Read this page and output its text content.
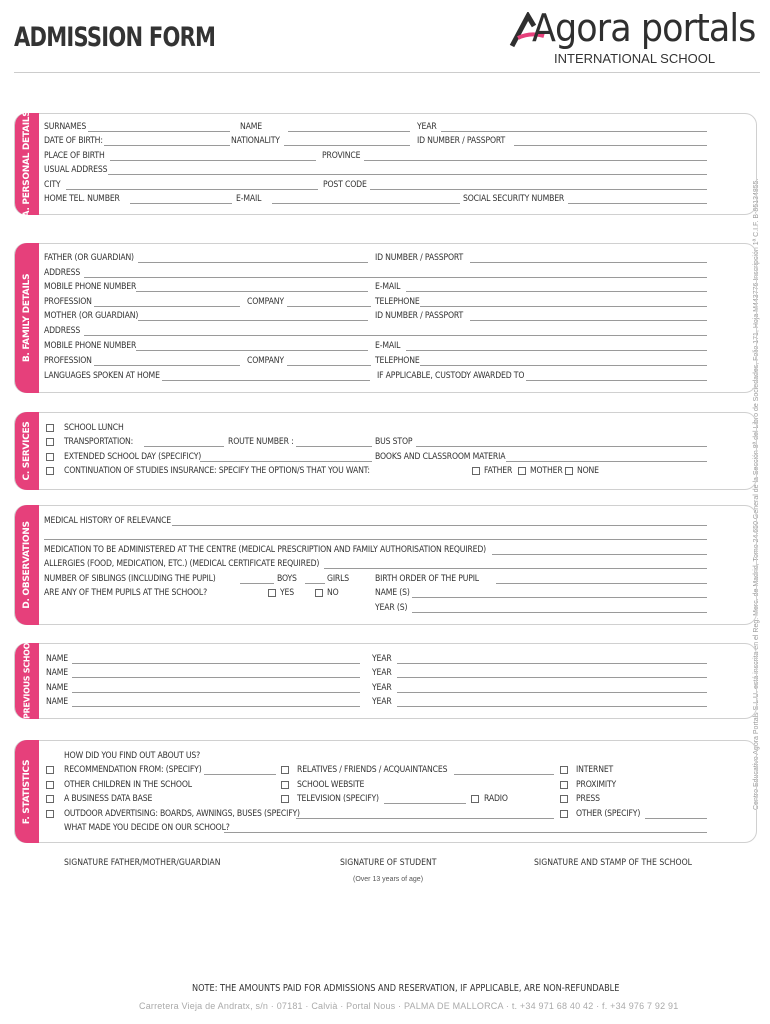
ADMISSION FORM	Agora portals
INTERNATIONAL SCHOOL
Centro Educativo Agora Portals S.L.U. está inscrita en el Reg. Merc. de Madrid, Tomo 24.650 General de la Sección 8ª del Libro de Sociedades, Folio 171, Hoja M443776 Inscripción 1ª C.I.F. B-85134855.
A. PERSONAL DETAILS SURNAMES	NAME	YEAR
DATE OF BIRTH:	NATIONALITY	ID NUMBER / PASSPORT
PLACE OF BIRTH	PROVINCE
USUAL ADDRESS
CITY	POST CODE
HOME TEL. NUMBER	E-MAIL	SOCIAL SECURITY NUMBER
B. FAMILY DETAILS
FATHER (OR GUARDIAN)	ID NUMBER / PASSPORT
ADDRESS
MOBILE PHONE NUMBER	E-MAIL
PROFESSION	COMPANY	TELEPHONE
MOTHER (OR GUARDIAN)	ID NUMBER / PASSPORT
ADDRESS
MOBILE PHONE NUMBER	E-MAIL
PROFESSION	COMPANY	TELEPHONE
LANGUAGES SPOKEN AT HOME	IF APPLICABLE, CUSTODY AWARDED TO
C. SERVICES	SCHOOL LUNCH
TRANSPORTATION:	ROUTE NUMBER :	BUS STOP
EXTENDED SCHOOL DAY (SPECIFICY)	BOOKS AND CLASSROOM MATERIA
CONTINUATION OF STUDIES INSURANCE: SPECIFY THE OPTION/S THAT YOU WANT:	FATHER MOTHER NONE
D. OBSERVATIONS
MEDICAL HISTORY OF RELEVANCE
MEDICATION TO BE ADMINISTERED AT THE CENTRE (MEDICAL PRESCRIPTION AND FAMILY AUTHORISATION REQUIRED)
ALLERGIES (FOOD, MEDICATION, ETC.) (MEDICAL CERTIFICATE REQUIRED)
NUMBER OF SIBLINGS (INCLUDING THE PUPIL)	BOYS	GIRLS	BIRTH ORDER OF THE PUPIL
ARE ANY OF THEM PUPILS AT THE SCHOOL?	YES	NO	NAME (S)
YEAR (S)
E. PREVIOUS SCHOOLS NAME	YEAR
NAME	YEAR
NAME	YEAR
NAME	YEAR
F. STATISTICS
HOW DID YOU FIND OUT ABOUT US?
RECOMMENDATION FROM: (SPECIFY)	RELATIVES / FRIENDS / ACQUAINTANCES	INTERNET
OTHER CHILDREN IN THE SCHOOL	SCHOOL WEBSITE	PROXIMITY
A BUSINESS DATA BASE	TELEVISION (SPECIFY)	RADIO	PRESS
OUTDOOR ADVERTISING: BOARDS, AWNINGS, BUSES (SPECIFY)	OTHER (SPECIFY)
WHAT MADE YOU DECIDE ON OUR SCHOOL?
SIGNATURE FATHER/MOTHER/GUARDIAN	SIGNATURE OF STUDENT
(Over 13 years of age)
SIGNATURE AND STAMP OF THE SCHOOL
NOTE: THE AMOUNTS PAID FOR ADMISSIONS AND RESERVATION, IF APPLICABLE, ARE NON-REFUNDABLE
Carretera Vieja de Andratx, s/n · 07181 · Calvià · Portal Nous · PALMA DE MALLORCA · t. +34 971 68 40 42 · f. +34 976 7 92 91
